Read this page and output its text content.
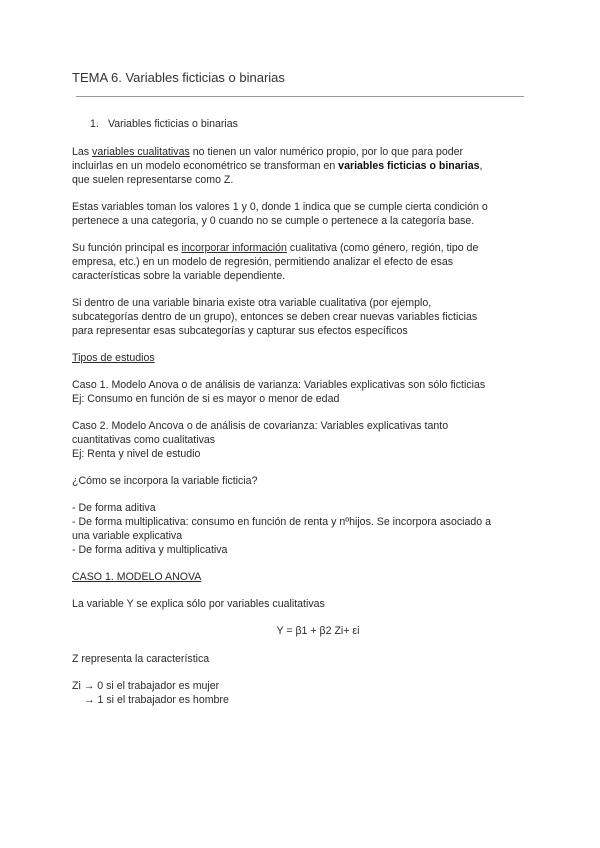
TEMA 6. Variables ficticias o binarias
1. Variables ficticias o binarias

Las variables cualitativas no tienen un valor numérico propio, por lo que para poder
incluirlas en un modelo econométrico se transforman en variables ficticias o binarias,
que suelen representarse como Z.

Estas variables toman los valores 1 y 0, donde 1 indica que se cumple cierta condición o
pertenece a una categoría, y 0 cuando no se cumple o pertenece a la categoría base.

Su función principal es incorporar información cualitativa (como género, región, tipo de
empresa, etc.) en un modelo de regresión, permitiendo analizar el efecto de esas
características sobre la variable dependiente.

Si dentro de una variable binaria existe otra variable cualitativa (por ejemplo,
subcategorías dentro de un grupo), entonces se deben crear nuevas variables ficticias
para representar esas subcategorías y capturar sus efectos específicos

Tipos de estudios

Caso 1. Modelo Anova o de análisis de varianza: Variables explicativas son sólo ficticias
Ej: Consumo en función de si es mayor o menor de edad

Caso 2. Modelo Ancova o de análisis de covarianza: Variables explicativas tanto
cuantitativas como cualitativas
Ej: Renta y nivel de estudio

¿Cómo se incorpora la variable ficticia?

- De forma aditiva
- De forma multiplicativa: consumo en función de renta y nºhijos. Se incorpora asociado a
una variable explicativa
- De forma aditiva y multiplicativa

CASO 1. MODELO ANOVA

La variable Y se explica sólo por variables cualitativas

Y = β1 + β2 Zi+ εi

Z representa la característica

Zi → 0 si el trabajador es mujer
→ 1 si el trabajador es hombre
